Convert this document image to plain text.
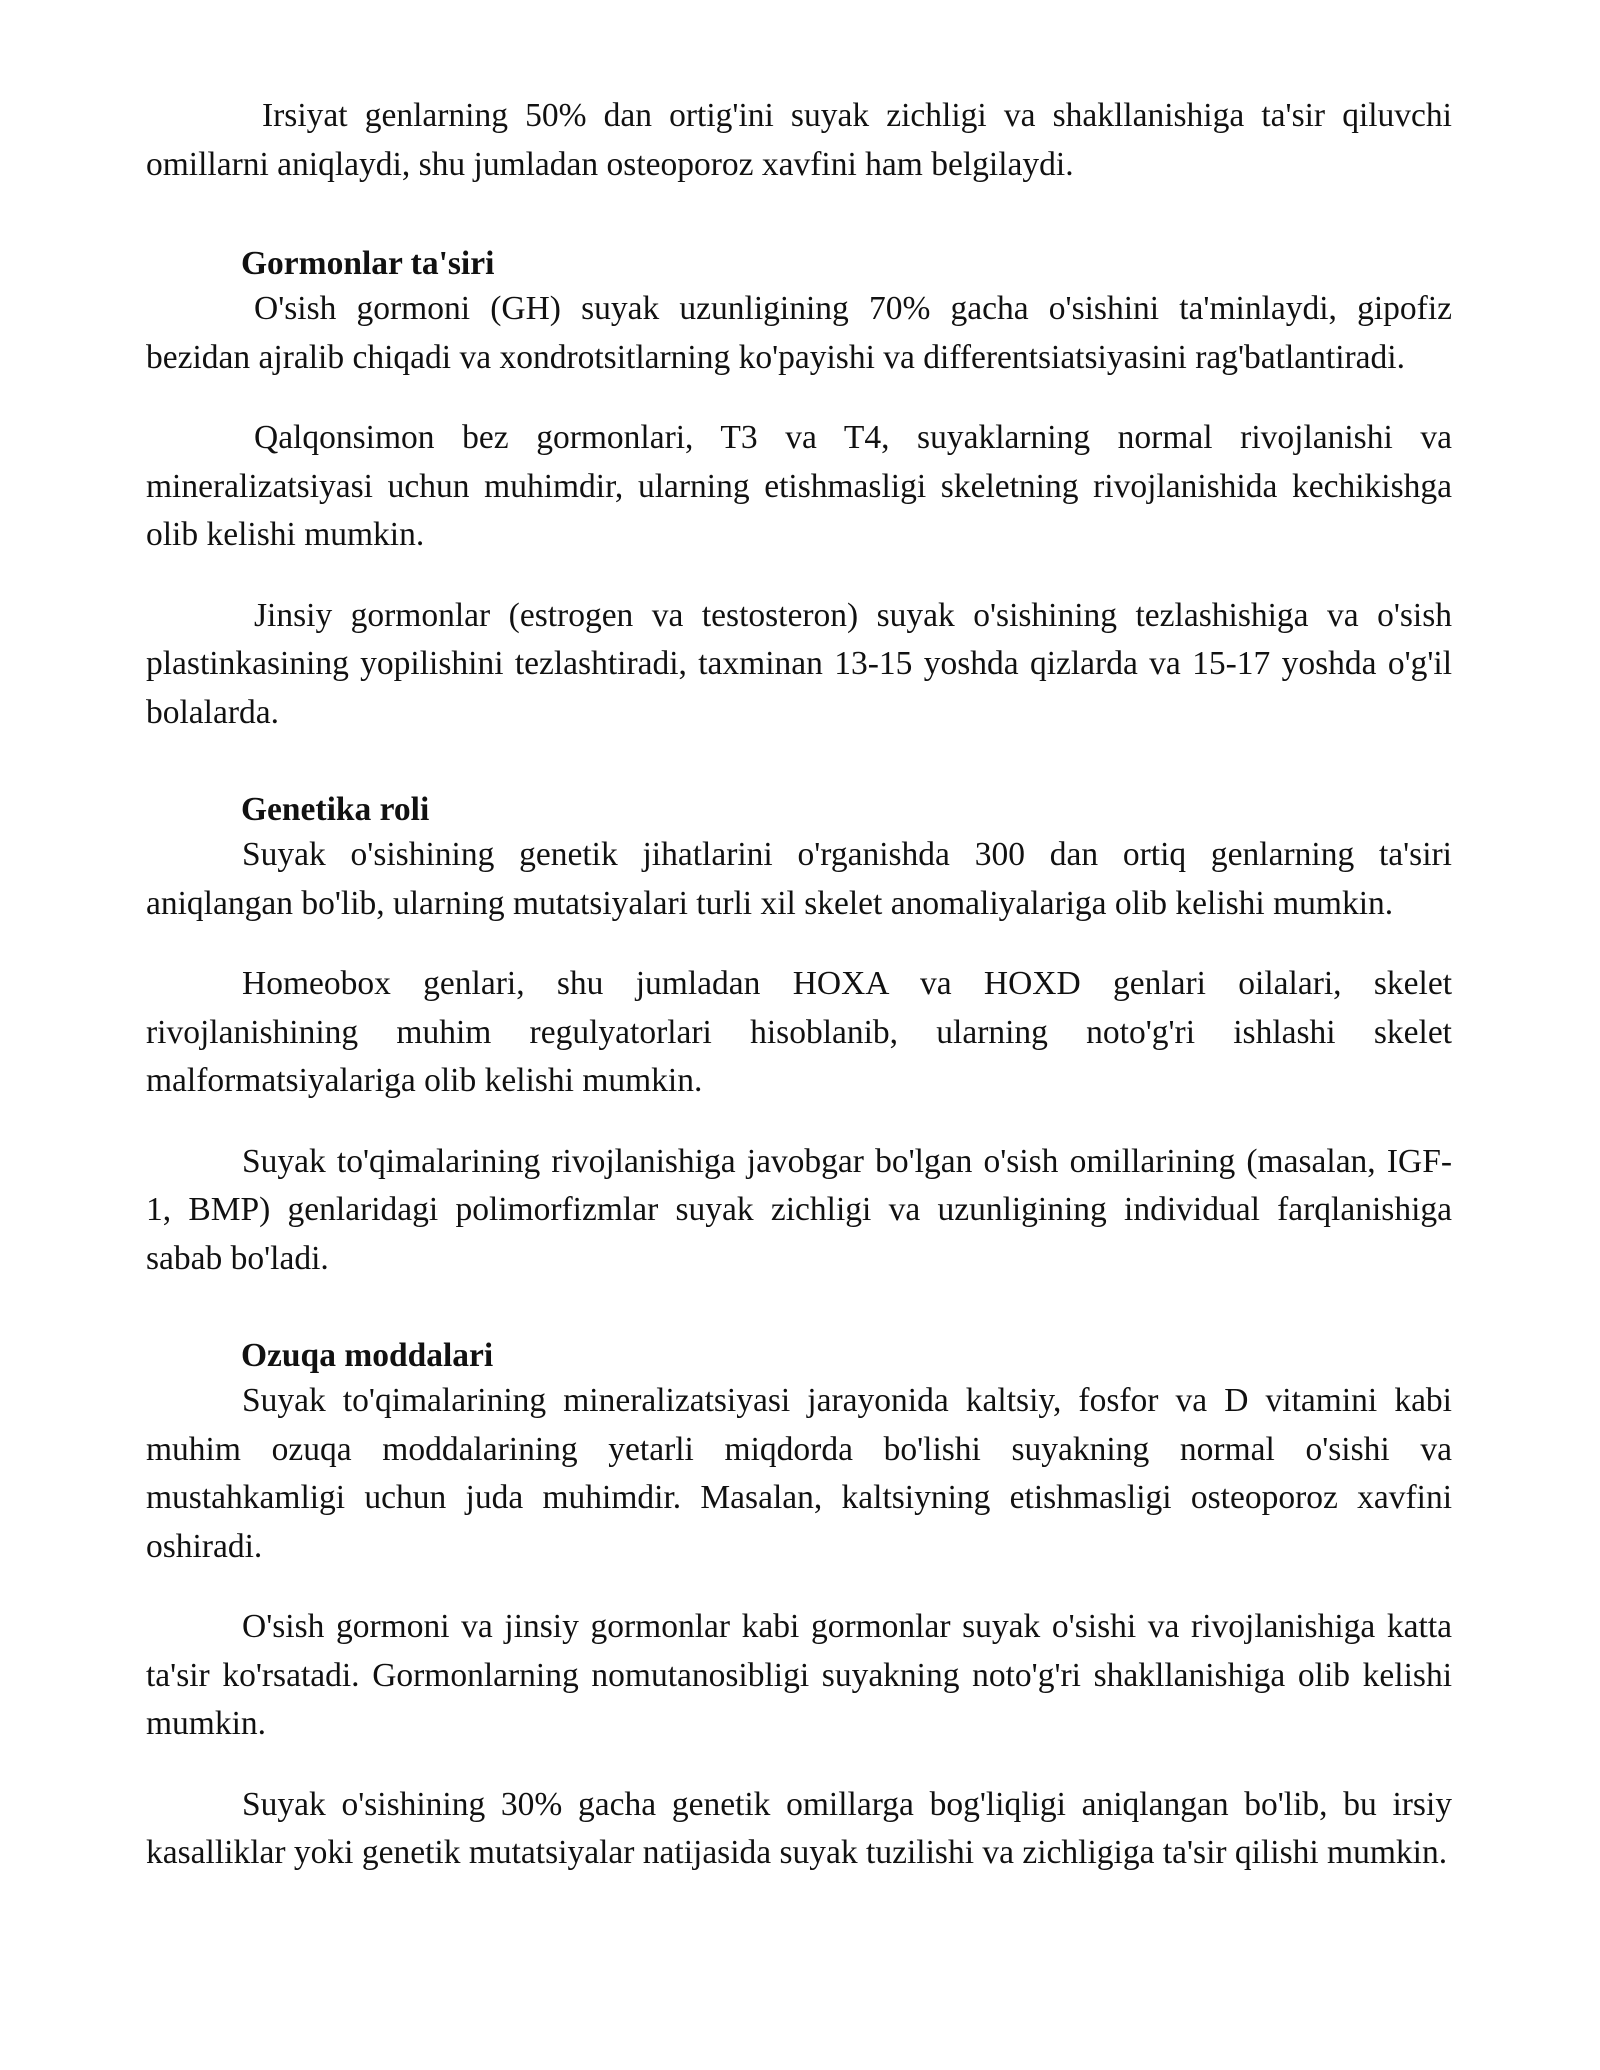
Irsiyat genlarning 50% dan ortig'ini suyak zichligi va shakllanishiga ta'sir qiluvchi omillarni aniqlaydi, shu jumladan osteoporoz xavfini ham belgilaydi.

Gormonlar ta'siri

O'sish gormoni (GH) suyak uzunligining 70% gacha o'sishini ta'minlaydi, gipofiz bezidan ajralib chiqadi va xondrotsitlarning ko'payishi va differentsiatsiyasini rag'batlantiradi.

Qalqonsimon bez gormonlari, T3 va T4, suyaklarning normal rivojlanishi va mineralizatsiyasi uchun muhimdir, ularning etishmasligi skeletning rivojlanishida kechikishga olib kelishi mumkin.

Jinsiy gormonlar (estrogen va testosteron) suyak o'sishining tezlashishiga va o'sish plastinkasining yopilishini tezlashtiradi, taxminan 13-15 yoshda qizlarda va 15-17 yoshda o'g'il bolalarda.

Genetika roli

Suyak o'sishining genetik jihatlarini o'rganishda 300 dan ortiq genlarning ta'siri aniqlangan bo'lib, ularning mutatsiyalari turli xil skelet anomaliyalariga olib kelishi mumkin.

Homeobox genlari, shu jumladan HOXA va HOXD genlari oilalari, skelet rivojlanishining muhim regulyatorlari hisoblanib, ularning noto'g'ri ishlashi skelet malformatsiyalariga olib kelishi mumkin.

Suyak to'qimalarining rivojlanishiga javobgar bo'lgan o'sish omillarining (masalan, IGF-1, BMP) genlaridagi polimorfizmlar suyak zichligi va uzunligining individual farqlanishiga sabab bo'ladi.

Ozuqa moddalari

Suyak to'qimalarining mineralizatsiyasi jarayonida kaltsiy, fosfor va D vitamini kabi muhim ozuqa moddalarining yetarli miqdorda bo'lishi suyakning normal o'sishi va mustahkamligi uchun juda muhimdir. Masalan, kaltsiyning etishmasligi osteoporoz xavfini oshiradi.

O'sish gormoni va jinsiy gormonlar kabi gormonlar suyak o'sishi va rivojlanishiga katta ta'sir ko'rsatadi. Gormonlarning nomutanosibligi suyakning noto'g'ri shakllanishiga olib kelishi mumkin.

Suyak o'sishining 30% gacha genetik omillarga bog'liqligi aniqlangan bo'lib, bu irsiy kasalliklar yoki genetik mutatsiyalar natijasida suyak tuzilishi va zichligiga ta'sir qilishi mumkin.
